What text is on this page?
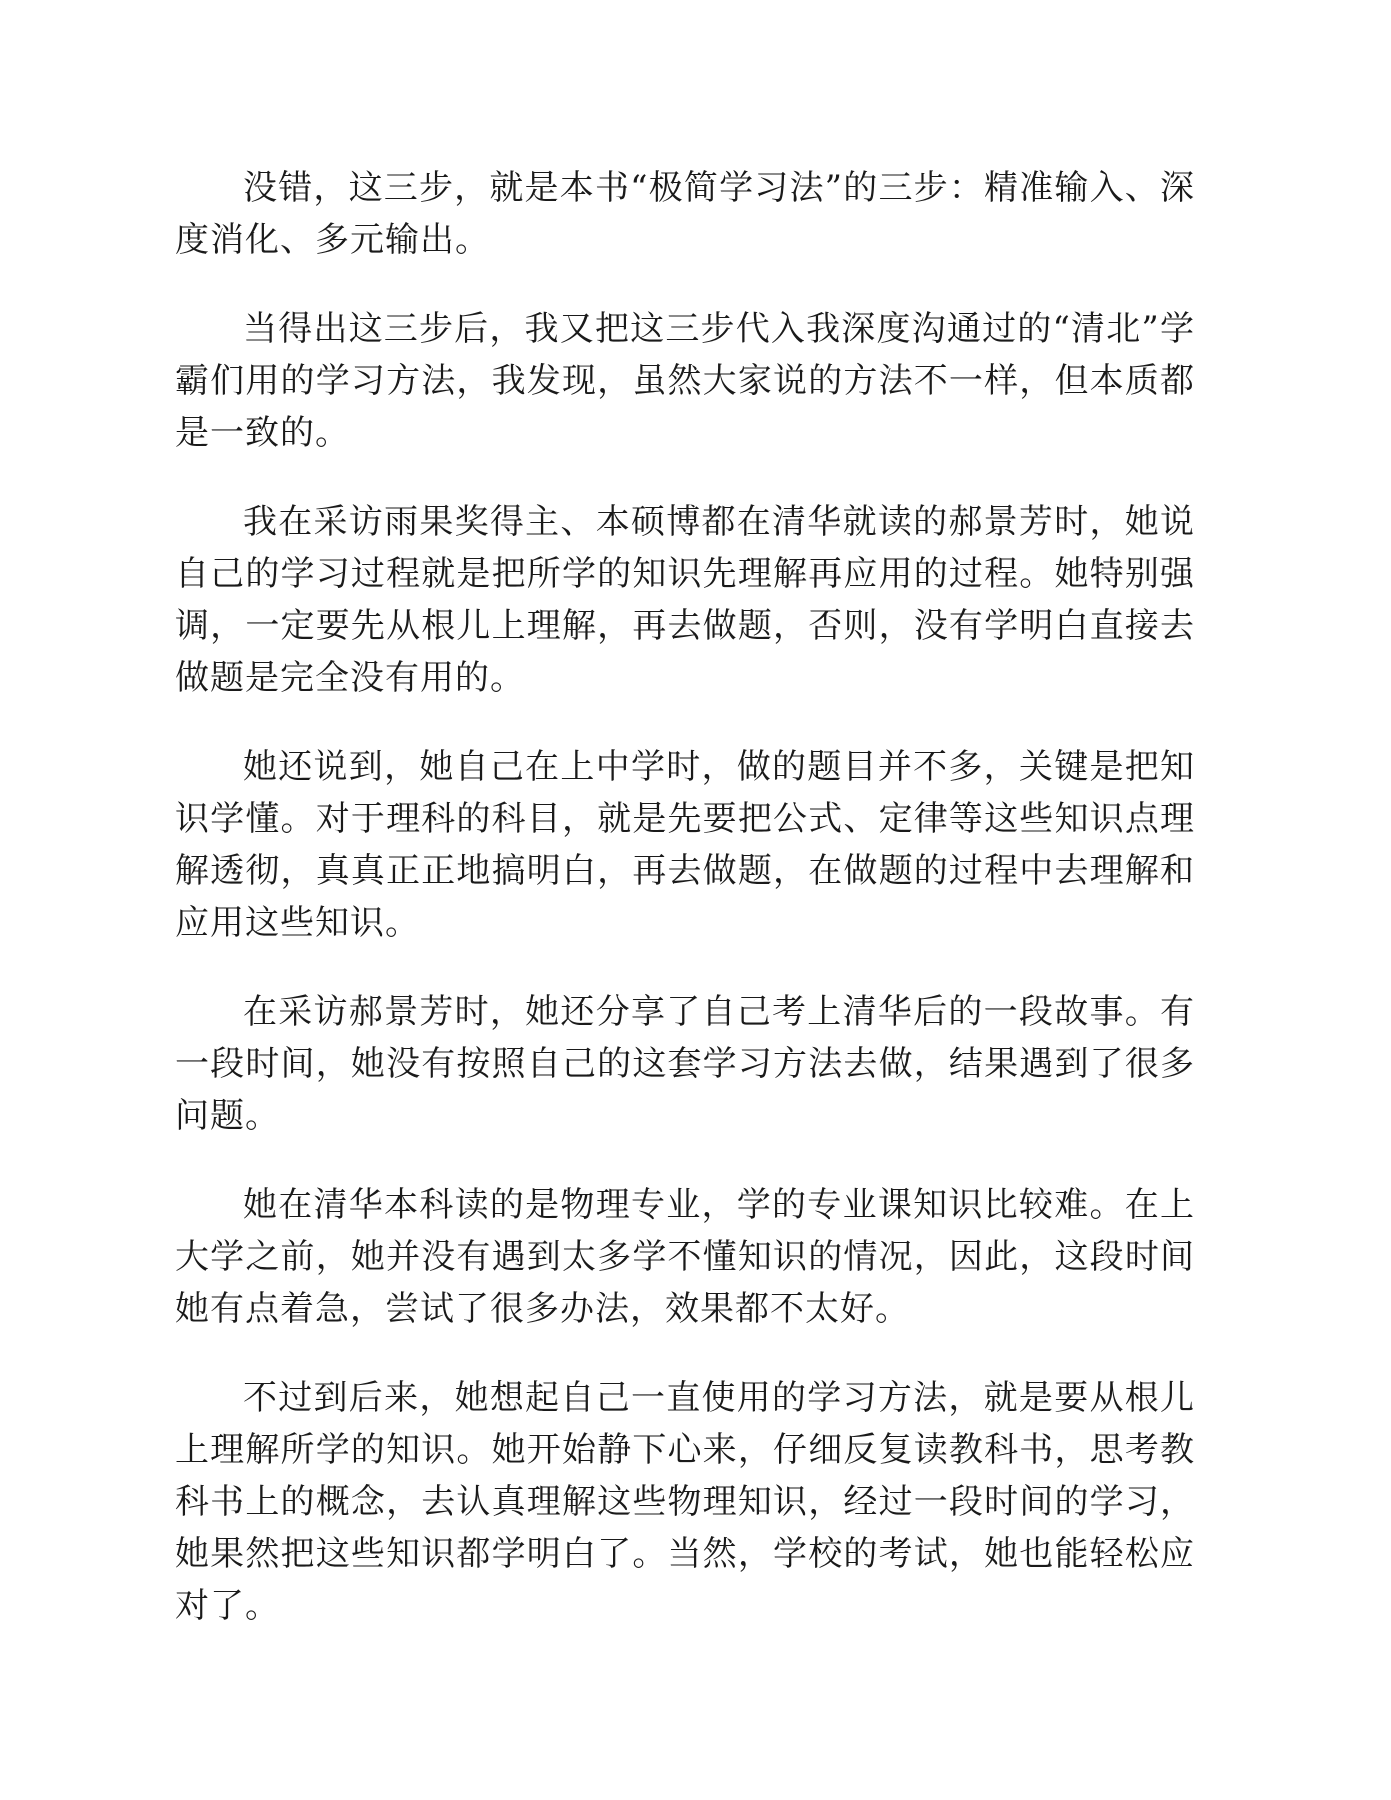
没错，这三步，就是本书“极简学习法”的三步：精准输入、深度消化、多元输出。

当得出这三步后，我又把这三步代入我深度沟通过的“清北”学霸们用的学习方法，我发现，虽然大家说的方法不一样，但本质都是一致的。

我在采访雨果奖得主、本硕博都在清华就读的郝景芳时，她说自己的学习过程就是把所学的知识先理解再应用的过程。她特别强调，一定要先从根儿上理解，再去做题，否则，没有学明白直接去做题是完全没有用的。

她还说到，她自己在上中学时，做的题目并不多，关键是把知识学懂。对于理科的科目，就是先要把公式、定律等这些知识点理解透彻，真真正正地搞明白，再去做题，在做题的过程中去理解和应用这些知识。

在采访郝景芳时，她还分享了自己考上清华后的一段故事。有一段时间，她没有按照自己的这套学习方法去做，结果遇到了很多问题。

她在清华本科读的是物理专业，学的专业课知识比较难。在上大学之前，她并没有遇到太多学不懂知识的情况，因此，这段时间她有点着急，尝试了很多办法，效果都不太好。

不过到后来，她想起自己一直使用的学习方法，就是要从根儿上理解所学的知识。她开始静下心来，仔细反复读教科书，思考教科书上的概念，去认真理解这些物理知识，经过一段时间的学习，她果然把这些知识都学明白了。当然，学校的考试，她也能轻松应对了。
